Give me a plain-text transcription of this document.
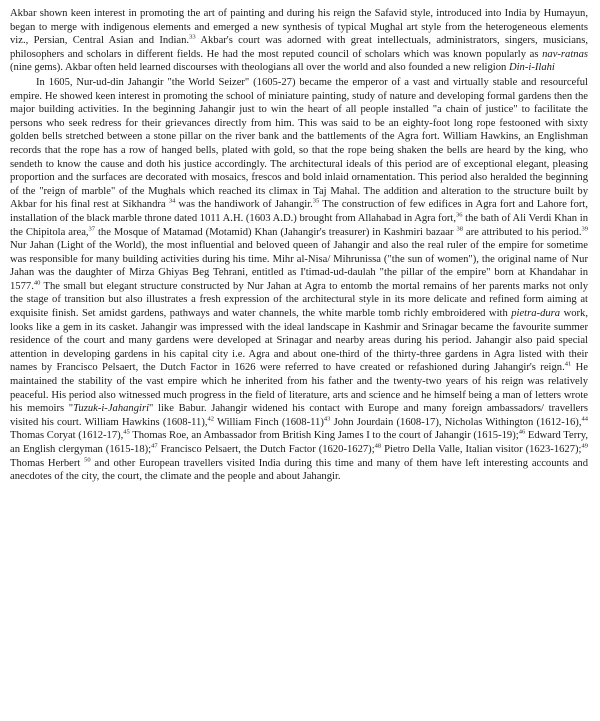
Akbar shown keen interest in promoting the art of painting and during his reign the Safavid style, introduced into India by Humayun, began to merge with indigenous elements and emerged a new synthesis of typical Mughal art style from the heterogeneous elements viz., Persian, Central Asian and Indian.$^{33}$ Akbar's court was adorned with great intellectuals, administrators, singers, musicians, philosophers and scholars in different fields. He had the most reputed council of scholars which was known popularly as nav-ratnas (nine gems). Akbar often held learned discourses with theologians all over the world and also founded a new religion Din-i-Ilahi

In 1605, Nur-ud-din Jahangir "the World Seizer" (1605-27) became the emperor of a vast and virtually stable and resourceful empire. He showed keen interest in promoting the school of miniature painting, study of nature and developing formal gardens then the major building activities. In the beginning Jahangir just to win the heart of all people installed "a chain of justice" to facilitate the persons who seek redress for their grievances directly from him. This was said to be an eighty-foot long rope festooned with sixty golden bells stretched between a stone pillar on the river bank and the battlements of the Agra fort. William Hawkins, an Englishman records that the rope has a row of hanged bells, plated with gold, so that the rope being shaken the bells are heard by the king, who sendeth to know the cause and doth his justice accordingly. The architectural ideals of this period are of exceptional elegant, pleasing proportion and the surfaces are decorated with mosaics, frescos and bold inlaid ornamentation. This period also heralded the beginning of the "reign of marble" of the Mughals which reached its climax in Taj Mahal. The addition and alteration to the structure built by Akbar for his final rest at Sikhandra $^{34}$ was the handiwork of Jahangir.$^{35}$ The construction of few edifices in Agra fort and Lahore fort, installation of the black marble throne dated 1011 A.H. (1603 A.D.) brought from Allahabad in Agra fort,$^{36}$ the bath of Ali Verdi Khan in the Chipitola area,$^{37}$ the Mosque of Matamad (Motamid) Khan (Jahangir's treasurer) in Kashmiri bazaar $^{38}$ are attributed to his period.$^{39}$ Nur Jahan (Light of the World), the most influential and beloved queen of Jahangir and also the real ruler of the empire for sometime was responsible for many building activities during his time. Mihr al-Nisa/ Mihrunissa ("the sun of women"), the original name of Nur Jahan was the daughter of Mirza Ghiyas Beg Tehrani, entitled as I'timad-ud-daulah "the pillar of the empire" born at Khandahar in 1577.40 The small but elegant structure constructed by Nur Jahan at Agra to entomb the mortal remains of her parents marks not only the stage of transition but also illustrates a fresh expression of the architectural style in its more delicate and refined form aiming at exquisite finish. Set amidst gardens, pathways and water channels, the white marble tomb richly embroidered with pietra-dura work, looks like a gem in its casket. Jahangir was impressed with the ideal landscape in Kashmir and Srinagar became the favourite summer residence of the court and many gardens were developed at Srinagar and nearby areas during his period. Jahangir also paid special attention in developing gardens in his capital city i.e. Agra and about one-third of the thirty-three gardens in Agra listed with their names by Francisco Pelsaert, the Dutch Factor in 1626 were referred to have created or refashioned during Jahangir's reign.$^{41}$ He maintained the stability of the vast empire which he inherited from his father and the twenty-two years of his reign was relatively peaceful. His period also witnessed much progress in the field of literature, arts and science and he himself being a man of letters wrote his memoirs "Tuzuk-i-Jahangiri" like Babur. Jahangir widened his contact with Europe and many foreign ambassadors/ travellers visited his court. William Hawkins (1608-11),$^{42}$ William Finch (1608-11)$^{43}$ John Jourdain (1608-17), Nicholas Withington (1612-16),$^{44}$ Thomas Coryat (1612-17),$^{45}$ Thomas Roe, an Ambassador from British King James I to the court of Jahangir (1615-19);$^{46}$ Edward Terry, an English clergyman (1615-18);$^{47}$ Francisco Pelsaert, the Dutch Factor (1620-1627);$^{48}$ Pietro Della Valle, Italian visitor (1623-1627);$^{49}$ Thomas Herbert $^{50}$ and other European travellers visited India during this time and many of them have left interesting accounts and anecdotes of the city, the court, the climate and the people and about Jahangir.
